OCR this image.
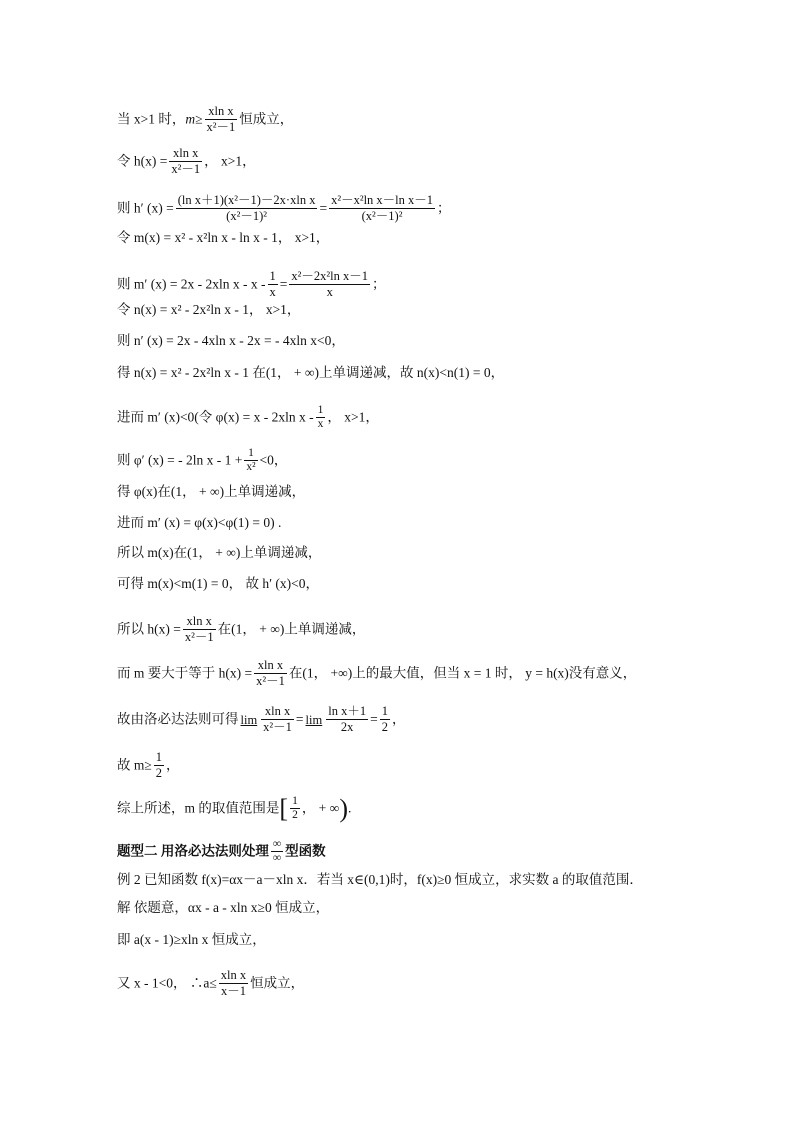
当 x>1 时，$m\ge \frac{\text{xln x}}{\text{x²－1}}$ 恒成立，
令 $h(x) = \frac{\text{xln x}}{\text{x²－1}}$ ， x>1，
则 h′ $(x) = \frac{\text{(ln x＋1)(x²－1)－2x·xln x}}{\text{(x²－1)²}} = \frac{\text{x²－x²ln x－ln x－1}}{\text{(x²－1)²}}$ ；
令 m(x) = x² - x²ln x - ln x - 1， x>1，
则 m′ (x) = 2x - 2xln $x - x - \frac{1}{x} = \frac{\text{x²－2x²ln x－1}}{x}$ ；
令 n(x) = x² - 2x²ln x - 1， x>1，
则 n′ (x) = 2x - 4xln x - 2x = - 4xln x<0，
得 n(x) = x² - 2x²ln x - 1 在(1， + ∞)上单调递减，故 n(x)<n(1) = 0，
进而 m′ (x)<0(令 φ(x) = x - 2xln x - $\frac{1}{x}$ ， x>1，
则 φ′ (x) = - 2ln $x - 1 + \frac{1}{\text{x²}} <0$，
得 φ(x)在(1， + ∞)上单调递减，
进而 m′ (x) = φ(x)<φ(1) = 0) .
所以 m(x)在(1， + ∞)上单调递减，
可得 m(x)<m(1) = 0， 故 h′ (x)<0，
所以 $h(x) = \frac{\text{xln x}}{\text{x²－1}}$ 在(1， + ∞)上单调递减，
而 m 要大于等于 $h(x) = \frac{\text{xln x}}{\text{x²－1}}$ 在(1， +∞)上的最大值，但当 x = 1 时， y = h(x)没有意义，
故由洛必达法则可得 $\lim \frac{\text{xln x}}{\text{x²－1}} = \lim \frac{\text{ln x＋1}}{2x} = \frac{1}{2}$ ，
故 $m\ge \frac{1}{2}$ ，
综上所述，m 的取值范围是[ $\frac{1}{2}$ ， + ∞).
题型二 用洛必达法则处理 $\frac{\infty}{\infty}$ 型函数
例 2 已知函数 f(x)=αx－a－xln x．若当 x∈(0,1)时，f(x)≥0 恒成立，求实数 a 的取值范围．
解 依题意，αx - a - xln x≥0 恒成立，
即 a(x - 1)≥xln x 恒成立，
又 x - 1<0， ∴a≤ $\frac{\text{xln x}}{x-1}$ 恒成立，
